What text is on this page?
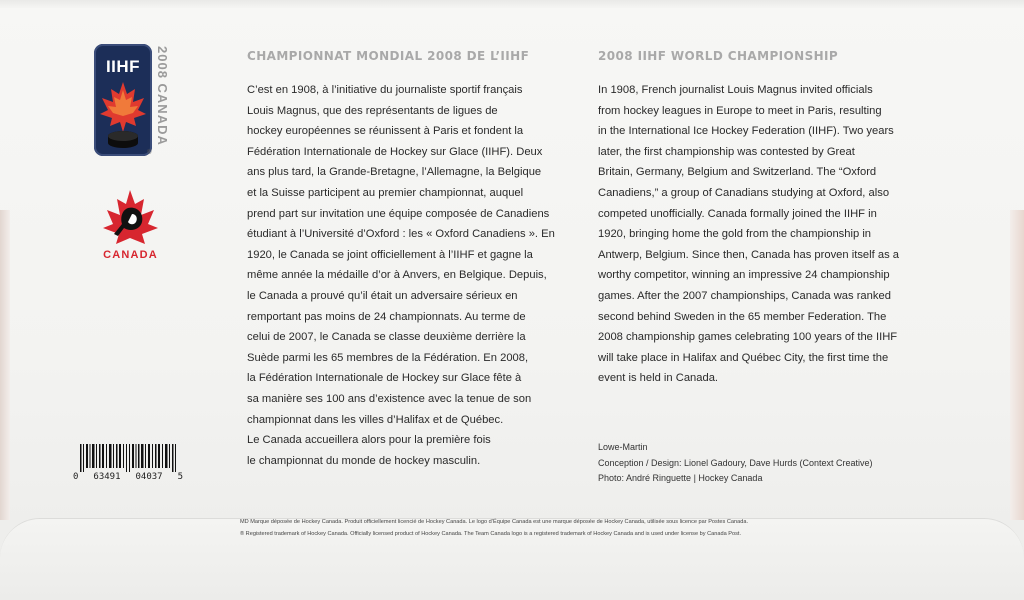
IIHF
®
2008 CANADA
CANADA
0 63491 04037 5
CHAMPIONNAT MONDIAL 2008 DE L’IIHF
C’est en 1908, à l’initiative du journaliste sportif français
Louis Magnus, que des représentants de ligues de
hockey européennes se réunissent à Paris et fondent la
Fédération Internationale de Hockey sur Glace (IIHF). Deux
ans plus tard, la Grande-Bretagne, l’Allemagne, la Belgique
et la Suisse participent au premier championnat, auquel
prend part sur invitation une équipe composée de Canadiens
étudiant à l’Université d’Oxford : les « Oxford Canadiens ». En
1920, le Canada se joint officiellement à l’IIHF et gagne la
même année la médaille d’or à Anvers, en Belgique. Depuis,
le Canada a prouvé qu’il était un adversaire sérieux en
remportant pas moins de 24 championnats. Au terme de
celui de 2007, le Canada se classe deuxième derrière la
Suède parmi les 65 membres de la Fédération. En 2008,
la Fédération Internationale de Hockey sur Glace fête à
sa manière ses 100 ans d’existence avec la tenue de son
championnat dans les villes d’Halifax et de Québec.
Le Canada accueillera alors pour la première fois
le championnat du monde de hockey masculin.
2008 IIHF WORLD CHAMPIONSHIP
In 1908, French journalist Louis Magnus invited officials
from hockey leagues in Europe to meet in Paris, resulting
in the International Ice Hockey Federation (IIHF). Two years
later, the first championship was contested by Great
Britain, Germany, Belgium and Switzerland. The “Oxford
Canadiens,” a group of Canadians studying at Oxford, also
competed unofficially. Canada formally joined the IIHF in
1920, bringing home the gold from the championship in
Antwerp, Belgium. Since then, Canada has proven itself as a
worthy competitor, winning an impressive 24 championship
games. After the 2007 championships, Canada was ranked
second behind Sweden in the 65 member Federation. The
2008 championship games celebrating 100 years of the IIHF
will take place in Halifax and Québec City, the first time the
event is held in Canada.
Lowe-Martin
Conception / Design: Lionel Gadoury, Dave Hurds (Context Creative)
Photo: André Ringuette | Hockey Canada
MD Marque déposée de Hockey Canada. Produit officiellement licencié de Hockey Canada. Le logo d’Équipe Canada est une marque déposée de Hockey Canada, utilisée sous licence par Postes Canada.
® Registered trademark of Hockey Canada. Officially licensed product of Hockey Canada. The Team Canada logo is a registered trademark of Hockey Canada and is used under license by Canada Post.
